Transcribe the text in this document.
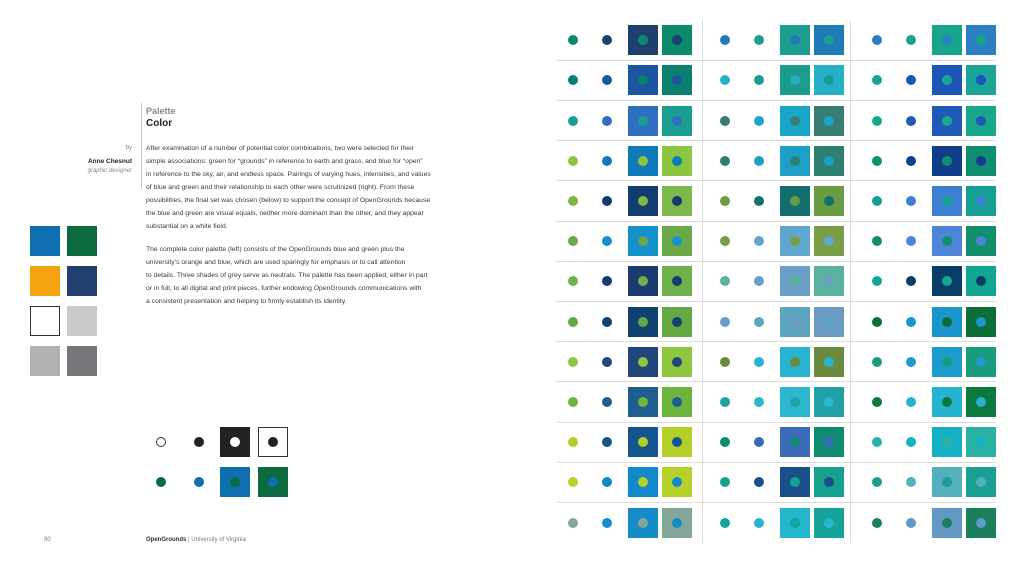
Palette
Color
by
Anne Chesnut
graphic designer
After examination of a number of potential color combinations, two were selected for their
simple associations: green for “grounds” in reference to earth and grass, and blue for “open”
in reference to the sky, air, and endless space. Pairings of varying hues, intensities, and values
of blue and green and their relationship to each other were scrutinized (right). From these
possibilities, the final set was chosen (below) to support the concept of OpenGrounds because
the blue and green are visual equals, neither more dominant than the other, and they appear
substantial on a white field.
The complete color palette (left) consists of the OpenGrounds blue and green plus the
university’s orange and blue, which are used sparingly for emphasis or to call attention
to details. Three shades of grey serve as neutrals. The palette has been applied, either in part
or in full, to all digital and print pieces, further endowing OpenGrounds communications with
a consistent presentation and helping to firmly establish its identity.
90	OpenGrounds | University of Virginia
